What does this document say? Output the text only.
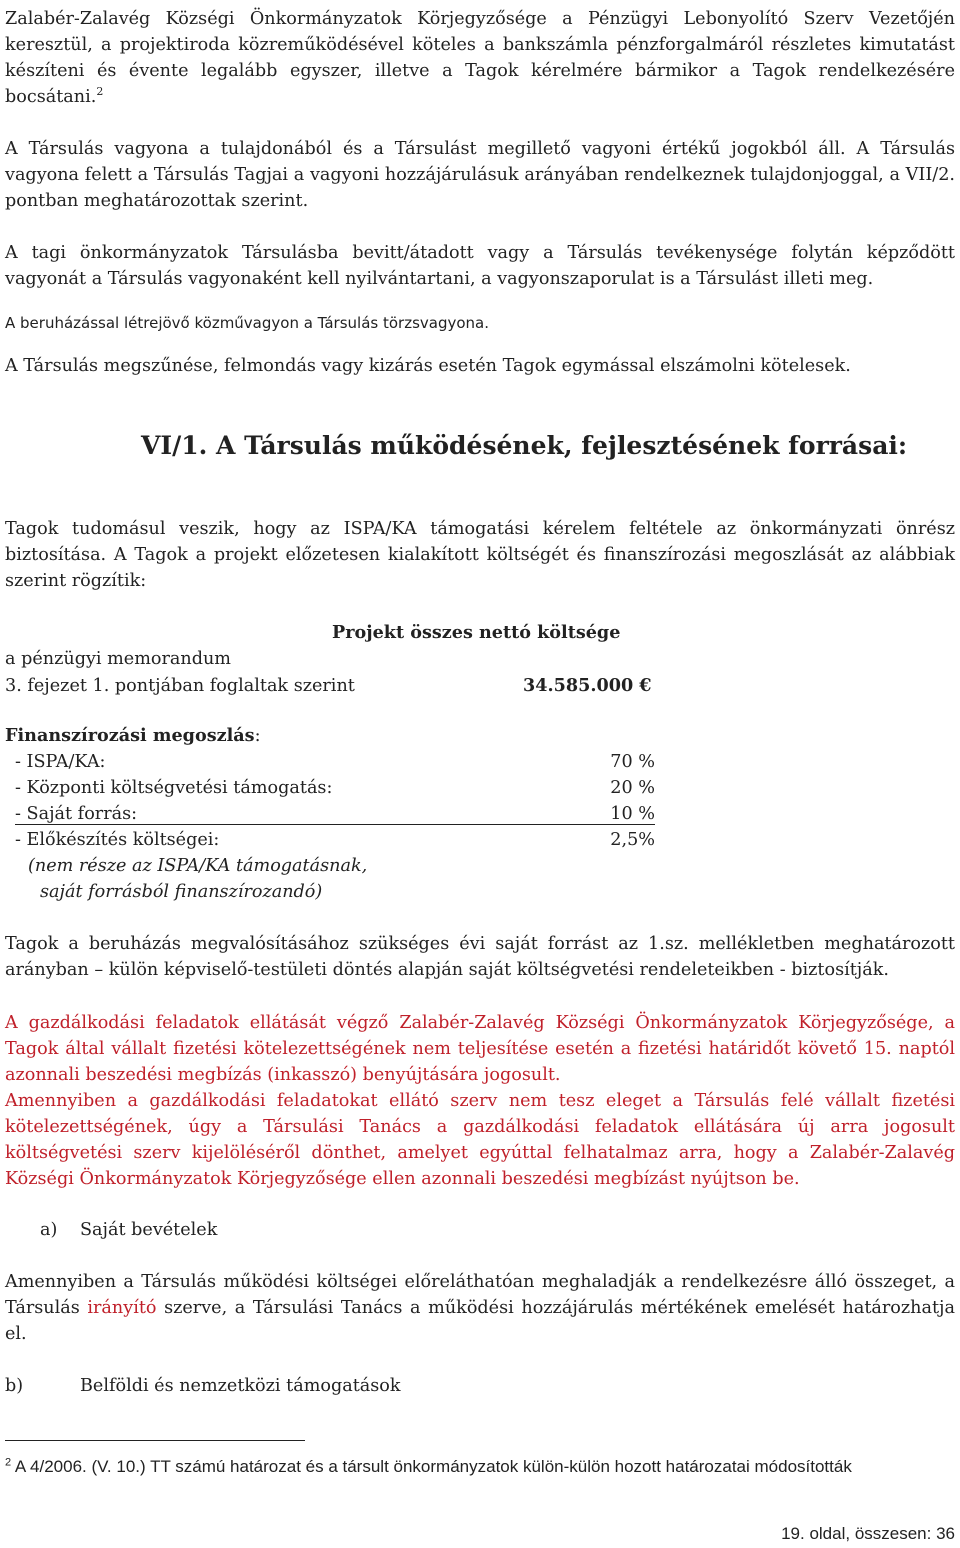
Zalabér-Zalavég Községi Önkormányzatok Körjegyzősége a Pénzügyi Lebonyolító Szerv Vezetőjén keresztül, a projektiroda közreműködésével köteles a bankszámla pénzforgalmáról részletes kimutatást készíteni és évente legalább egyszer, illetve a Tagok kérelmére bármikor a Tagok rendelkezésére bocsátani.$^2$

A Társulás vagyona a tulajdonából és a Társulást megillető vagyoni értékű jogokból áll. A Társulás vagyona felett a Társulás Tagjai a vagyoni hozzájárulásuk arányában rendelkeznek tulajdonjoggal, a VII/2. pontban meghatározottak szerint.

A tagi önkormányzatok Társulásba bevitt/átadott vagy a Társulás tevékenysége folytán képződött vagyonát a Társulás vagyonaként kell nyilvántartani, a vagyonszaporulat is a Társulást illeti meg.

A beruházással létrejövő közművagyon a Társulás törzsvagyona.

A Társulás megszűnése, felmondás vagy kizárás esetén Tagok egymással elszámolni kötelesek.

VI/1. A Társulás működésének, fejlesztésének forrásai:

Tagok tudomásul veszik, hogy az ISPA/KA támogatási kérelem feltétele az önkormányzati önrész biztosítása. A Tagok a projekt előzetesen kialakított költségét és finanszírozási megoszlását az alábbiak szerint rögzítik:

Projekt összes nettó költsége
a pénzügyi memorandum
3. fejezet 1. pontjában foglaltak szerint	34.585.000 €
Finanszírozási megoszlás:
- ISPA/KA:	70 %
- Központi költségvetési támogatás:	20 %
- Saját forrás:	10 %
- Előkészítés költségei:	2,5%
(nem része az ISPA/KA támogatásnak,
saját forrásból finanszírozandó)

Tagok a beruházás megvalósításához szükséges évi saját forrást az 1.sz. mellékletben meghatározott arányban – külön képviselő-testületi döntés alapján saját költségvetési rendeleteikben - biztosítják.

A gazdálkodási feladatok ellátását végző Zalabér-Zalavég Községi Önkormányzatok Körjegyzősége, a Tagok által vállalt fizetési kötelezettségének nem teljesítése esetén a fizetési határidőt követő 15. naptól azonnali beszedési megbízás (inkasszó) benyújtására jogosult.

Amennyiben a gazdálkodási feladatokat ellátó szerv nem tesz eleget a Társulás felé vállalt fizetési kötelezettségének, úgy a Társulási Tanács a gazdálkodási feladatok ellátására új arra jogosult költségvetési szerv kijelöléséről dönthet, amelyet egyúttal felhatalmaz arra, hogy a Zalabér-Zalavég Községi Önkormányzatok Körjegyzősége ellen azonnali beszedési megbízást nyújtson be.

a) Saját bevételek

Amennyiben a Társulás működési költségei előreláthatóan meghaladják a rendelkezésre álló összeget, a Társulás irányító szerve, a Társulási Tanács a működési hozzájárulás mértékének emelését határozhatja el.

b)	Belföldi és nemzetközi támogatások
$^2$ A 4/2006. (V. 10.) TT számú határozat és a társult önkormányzatok külön-külön hozott határozatai módosították
19. oldal, összesen: 36
